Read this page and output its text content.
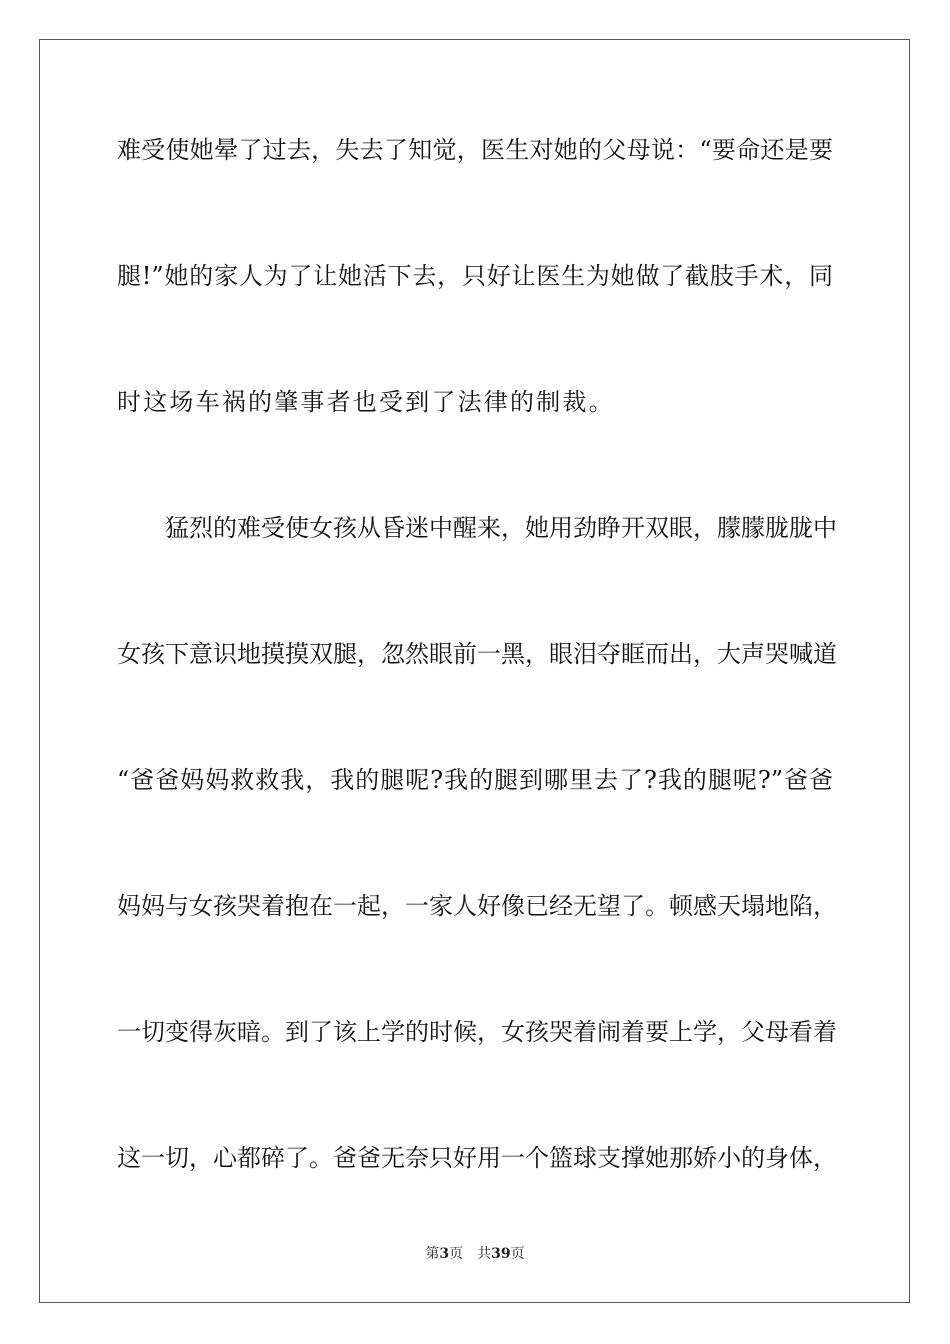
难受使她晕了过去，失去了知觉，医生对她的父母说：“要命还是要
腿!”她的家人为了让她活下去，只好让医生为她做了截肢手术，同
时这场车祸的肇事者也受到了法律的制裁。
猛烈的难受使女孩从昏迷中醒来，她用劲睁开双眼，朦朦胧胧中
女孩下意识地摸摸双腿，忽然眼前一黑，眼泪夺眶而出，大声哭喊道
“爸爸妈妈救救我，我的腿呢?我的腿到哪里去了?我的腿呢?”爸爸
妈妈与女孩哭着抱在一起，一家人好像已经无望了。顿感天塌地陷，
一切变得灰暗。到了该上学的时候，女孩哭着闹着要上学，父母看着
这一切，心都碎了。爸爸无奈只好用一个篮球支撑她那娇小的身体，
第3页 共39页
